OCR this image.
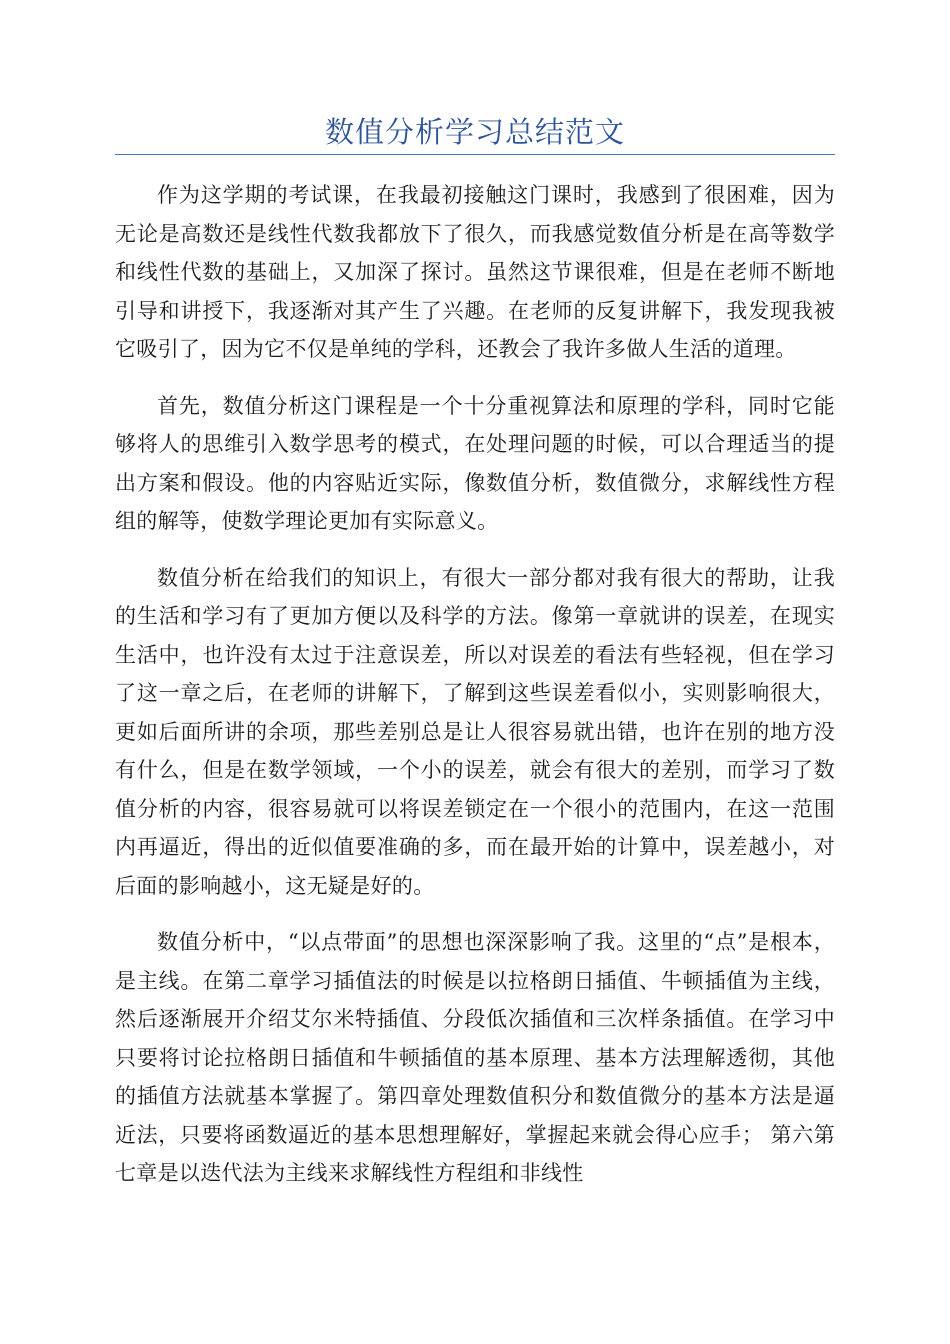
数值分析学习总结范文

作为这学期的考试课，在我最初接触这门课时，我感到了很困难，因为无论是高数还是线性代数我都放下了很久，而我感觉数值分析是在高等数学和线性代数的基础上，又加深了探讨。虽然这节课很难，但是在老师不断地引导和讲授下，我逐渐对其产生了兴趣。在老师的反复讲解下，我发现我被它吸引了，因为它不仅是单纯的学科，还教会了我许多做人生活的道理。

首先，数值分析这门课程是一个十分重视算法和原理的学科，同时它能够将人的思维引入数学思考的模式，在处理问题的时候，可以合理适当的提出方案和假设。他的内容贴近实际，像数值分析，数值微分，求解线性方程组的解等，使数学理论更加有实际意义。

数值分析在给我们的知识上，有很大一部分都对我有很大的帮助，让我的生活和学习有了更加方便以及科学的方法。像第一章就讲的误差，在现实生活中，也许没有太过于注意误差，所以对误差的看法有些轻视，但在学习了这一章之后，在老师的讲解下，了解到这些误差看似小，实则影响很大，更如后面所讲的余项，那些差别总是让人很容易就出错，也许在别的地方没有什么，但是在数学领域，一个小的误差，就会有很大的差别，而学习了数值分析的内容，很容易就可以将误差锁定在一个很小的范围内，在这一范围内再逼近，得出的近似值要准确的多，而在最开始的计算中，误差越小，对后面的影响越小，这无疑是好的。

数值分析中，“以点带面”的思想也深深影响了我。这里的“点”是根本，是主线。在第二章学习插值法的时候是以拉格朗日插值、牛顿插值为主线，然后逐渐展开介绍艾尔米特插值、分段低次插值和三次样条插值。在学习中只要将讨论拉格朗日插值和牛顿插值的基本原理、基本方法理解透彻，其他的插值方法就基本掌握了。第四章处理数值积分和数值微分的基本方法是逼近法，只要将函数逼近的基本思想理解好，掌握起来就会得心应手； 第六第七章是以迭代法为主线来求解线性方程组和非线性
